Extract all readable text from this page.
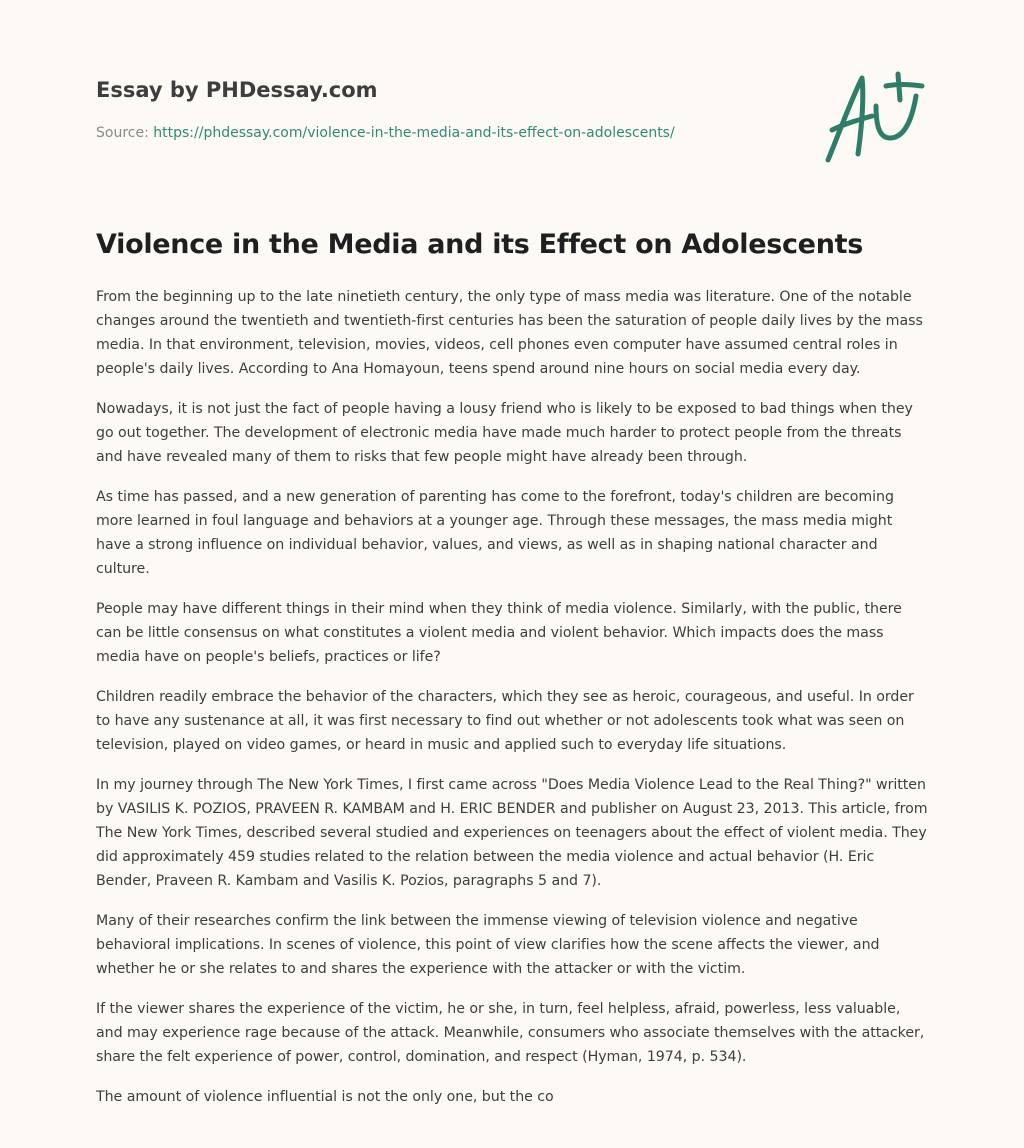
Essay by PHDessay.com
Source: https://phdessay.com/violence-in-the-media-and-its-effect-on-adolescents/
Violence in the Media and its Effect on Adolescents

From the beginning up to the late ninetieth century, the only type of mass media was literature. One of the notable changes around the twentieth and twentieth-first centuries has been the saturation of people daily lives by the mass media. In that environment, television, movies, videos, cell phones even computer have assumed central roles in people's daily lives. According to Ana Homayoun, teens spend around nine hours on social media every day.

Nowadays, it is not just the fact of people having a lousy friend who is likely to be exposed to bad things when they go out together. The development of electronic media have made much harder to protect people from the threats and have revealed many of them to risks that few people might have already been through.

As time has passed, and a new generation of parenting has come to the forefront, today's children are becoming more learned in foul language and behaviors at a younger age. Through these messages, the mass media might have a strong influence on individual behavior, values, and views, as well as in shaping national character and culture.

People may have different things in their mind when they think of media violence. Similarly, with the public, there can be little consensus on what constitutes a violent media and violent behavior. Which impacts does the mass media have on people's beliefs, practices or life?

Children readily embrace the behavior of the characters, which they see as heroic, courageous, and useful. In order to have any sustenance at all, it was first necessary to find out whether or not adolescents took what was seen on television, played on video games, or heard in music and applied such to everyday life situations.

In my journey through The New York Times, I first came across "Does Media Violence Lead to the Real Thing?" written by VASILIS K. POZIOS, PRAVEEN R. KAMBAM and H. ERIC BENDER and publisher on August 23, 2013. This article, from The New York Times, described several studied and experiences on teenagers about the effect of violent media. They did approximately 459 studies related to the relation between the media violence and actual behavior (H. Eric Bender, Praveen R. Kambam and Vasilis K. Pozios, paragraphs 5 and 7).

Many of their researches confirm the link between the immense viewing of television violence and negative behavioral implications. In scenes of violence, this point of view clarifies how the scene affects the viewer, and whether he or she relates to and shares the experience with the attacker or with the victim.

If the viewer shares the experience of the victim, he or she, in turn, feel helpless, afraid, powerless, less valuable, and may experience rage because of the attack. Meanwhile, consumers who associate themselves with the attacker, share the felt experience of power, control, domination, and respect (Hyman, 1974, p. 534).

The amount of violence influential is not the only one, but the co
